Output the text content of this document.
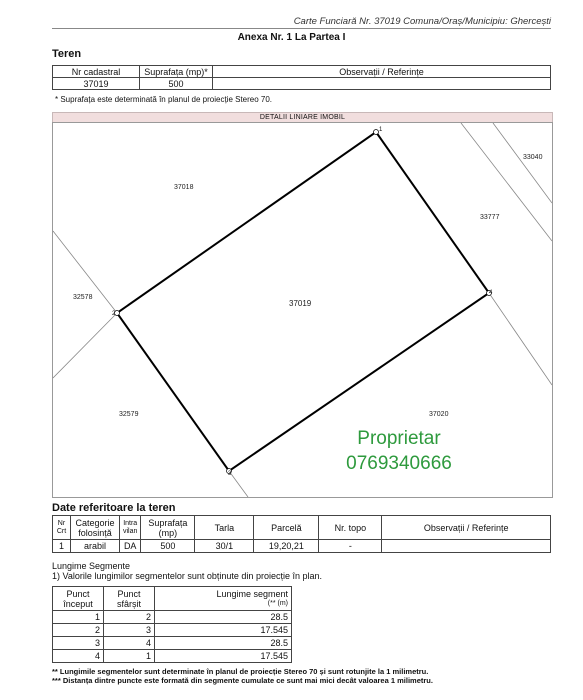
Carte Funciară Nr. 37019 Comuna/Oraș/Municipiu: Ghercești
Anexa Nr. 1 La Partea I
Teren
Nr cadastral	Suprafața (mp)*	Observații / Referințe
37019	500	
* Suprafața este determinată în planul de proiecție Stereo 70.
DETALII LINIARE IMOBIL
1
2
3
4
37019
37018
33040
33777
32578
32579	37020
Proprietar
0769340666
Date referitoare la teren
Nr Crt	Categorie folosință	Intra vilan	Suprafața (mp)	Tarla	Parcelă	Nr. topo	Observații / Referințe
1	arabil	DA	500	30/1	19,20,21	-	
Lungime Segmente
1) Valorile lungimilor segmentelor sunt obținute din proiecție în plan.
Punct început	Punct sfârșit	Lungime segment
(** (m)

1	2	28.5
2	3	17.545
3	4	28.5
4	1	17.545
** Lungimile segmentelor sunt determinate în planul de proiecție Stereo 70 și sunt rotunjite la 1 milimetru.
*** Distanța dintre puncte este formată din segmente cumulate ce sunt mai mici decât valoarea 1 milimetru.
